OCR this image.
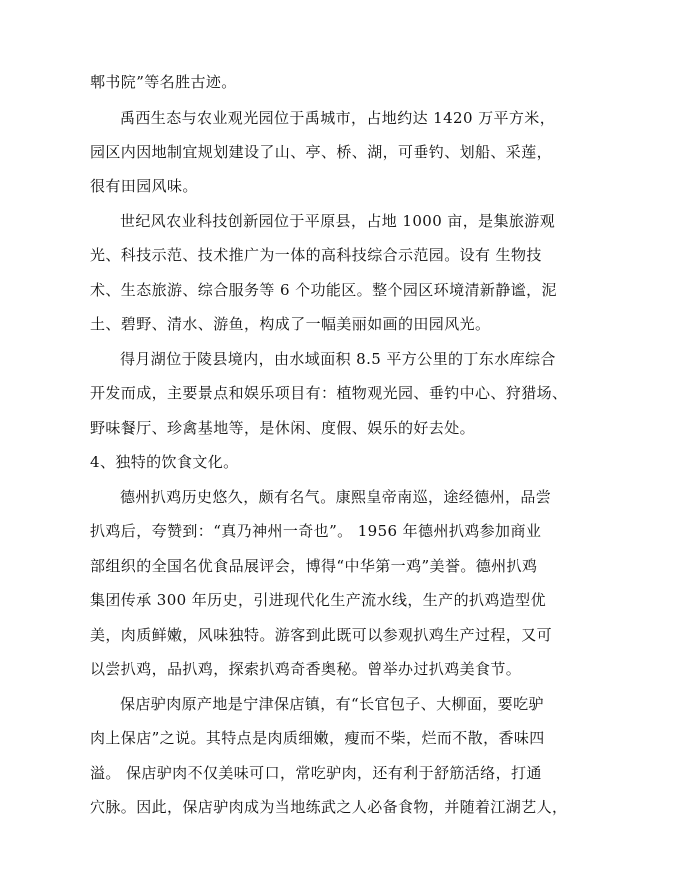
郫书院”等名胜古迹。
禹西生态与农业观光园位于禹城市，占地约达 1420 万平方米，
园区内因地制宜规划建设了山、亭、桥、湖，可垂钓、划船、采莲，
很有田园风味。
世纪风农业科技创新园位于平原县，占地 1000 亩，是集旅游观
光、科技示范、技术推广为一体的高科技综合示范园。设有 生物技
术、生态旅游、综合服务等 6 个功能区。整个园区环境清新静谧，泥
土、碧野、清水、游鱼，构成了一幅美丽如画的田园风光。
得月湖位于陵县境内，由水域面积 8.5 平方公里的丁东水库综合
开发而成，主要景点和娱乐项目有：植物观光园、垂钓中心、狩猎场、
野味餐厅、珍禽基地等，是休闲、度假、娱乐的好去处。
4、独特的饮食文化。
德州扒鸡历史悠久，颇有名气。康熙皇帝南巡，途经德州，品尝
扒鸡后，夸赞到：“真乃神州一奇也”。 1956 年德州扒鸡参加商业
部组织的全国名优食品展评会，博得“中华第一鸡”美誉。德州扒鸡
集团传承 300 年历史，引进现代化生产流水线，生产的扒鸡造型优
美，肉质鲜嫩，风味独特。游客到此既可以参观扒鸡生产过程，又可
以尝扒鸡，品扒鸡，探索扒鸡奇香奥秘。曾举办过扒鸡美食节。
保店驴肉原产地是宁津保店镇，有“长官包子、大柳面，要吃驴
肉上保店”之说。其特点是肉质细嫩，瘦而不柴，烂而不散，香味四
溢。 保店驴肉不仅美味可口，常吃驴肉，还有利于舒筋活络，打通
穴脉。因此，保店驴肉成为当地练武之人必备食物，并随着江湖艺人，
